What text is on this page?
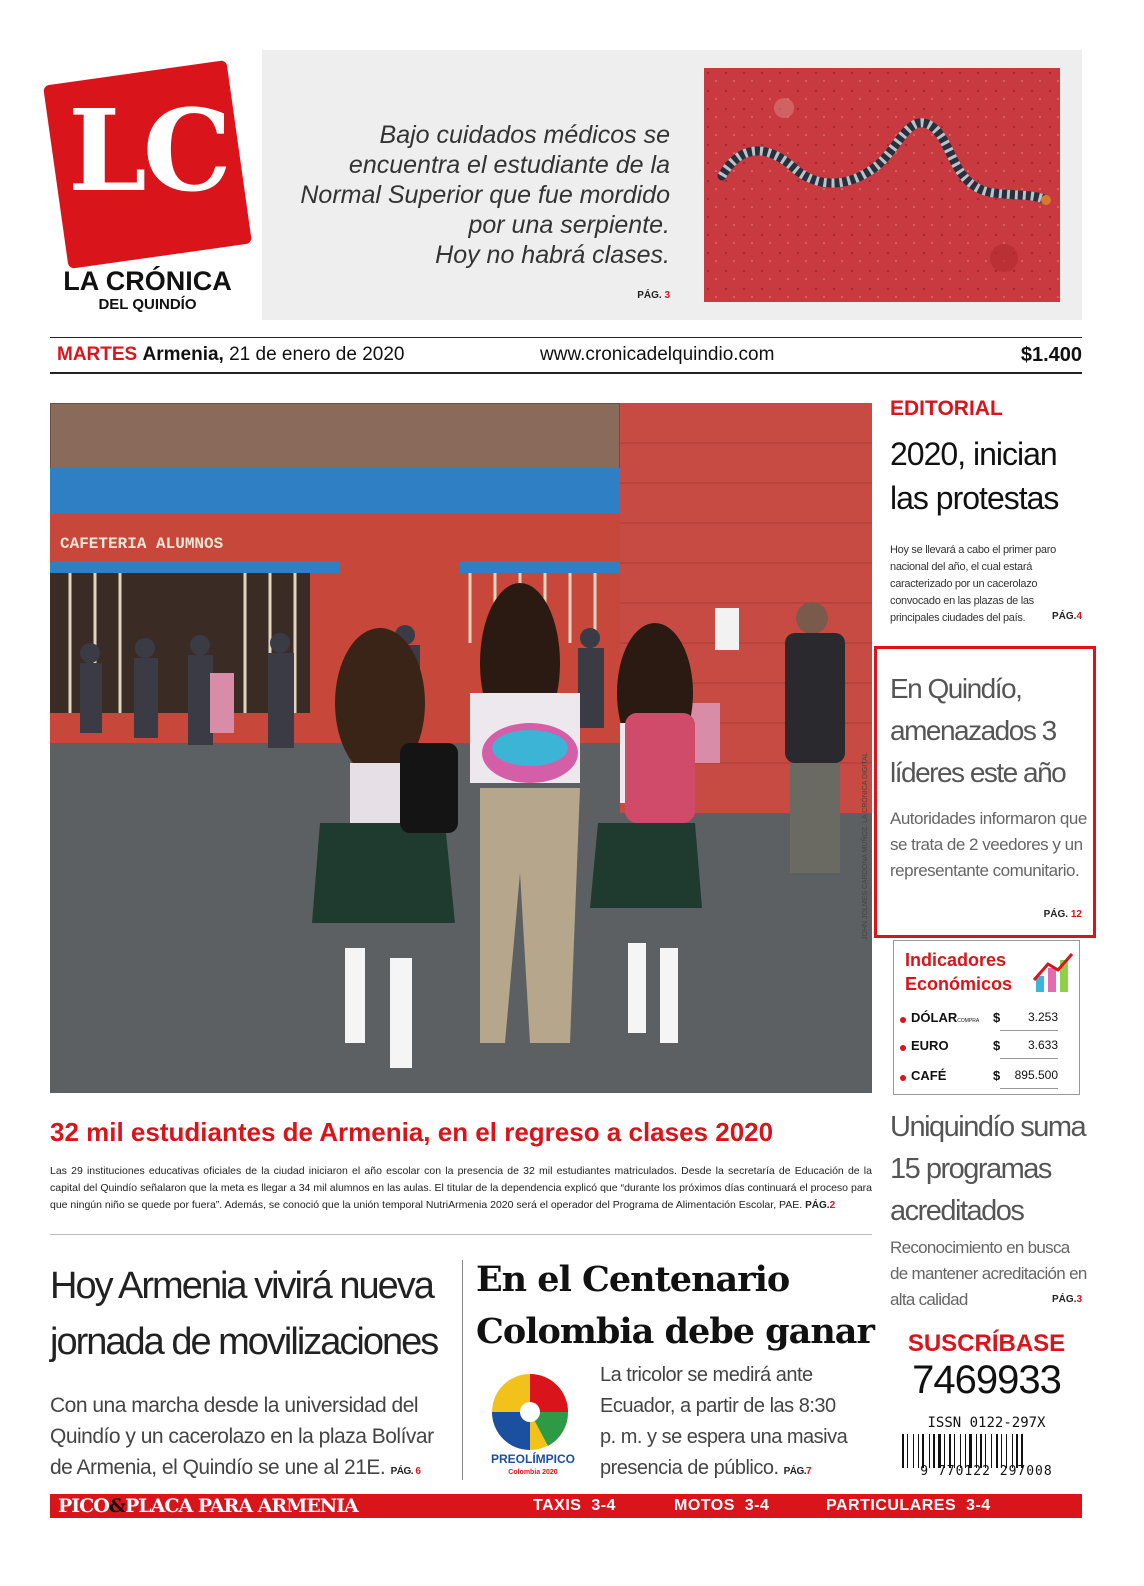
LC
LA CRÓNICA
DEL QUINDÍO
Bajo cuidados médicos se
encuentra el estudiante de la
Normal Superior que fue mordido
por una serpiente.
Hoy no habrá clases.
PÁG. 3
MARTES Armenia, 21 de enero de 2020	www.cronicadelquindio.com	$1.400
CAFETERIA ALUMNOS
JOHN JOLMES CARDONA MUÑOZ. LA CRÓNICA DIGITAL
32 mil estudiantes de Armenia, en el regreso a clases 2020
Las 29 instituciones educativas oficiales de la ciudad iniciaron el año escolar con la presencia de 32 mil estudiantes matriculados. Desde la secretaría de Educación de la capital del Quindío señalaron que la meta es llegar a 34 mil alumnos en las aulas. El titular de la dependencia explicó que “durante los próximos días continuará el proceso para que ningún niño se quede por fuera”. Además, se conoció que la unión temporal NutriArmenia 2020 será el operador del Programa de Alimentación Escolar, PAE. PÁG.2
Hoy Armenia vivirá nueva jornada de movilizaciones
Con una marcha desde la universidad del Quindío y un cacerolazo en la plaza Bolívar de Armenia, el Quindío se une al 21E. PÁG. 6
En el Centenario Colombia debe ganar
PREOLÍMPICO
Colombia 2020
La tricolor se medirá ante Ecuador, a partir de las 8:30 p. m. y se espera una masiva presencia de público. PÁG.7
EDITORIAL
2020, inician las protestas
Hoy se llevará a cabo el primer paro nacional del año, el cual estará caracterizado por un cacerolazo convocado en las plazas de las principales ciudades del país.	PÁG.4
En Quindío, amenazados 3 líderes este año
Autoridades informaron que se trata de 2 veedores y un representante comunitario.
PÁG. 12
Indicadores Económicos
DÓLARCOMPRA $	3.253
EURO	$	3.633
CAFÉ	$	895.500
Uniquindío suma 15 programas acreditados
Reconocimiento en busca de mantener acreditación en alta calidad	PÁG.3
SUSCRÍBASE
7469933
ISSN 0122-297X
9 770122 297008
PICO&PLACA PARA ARMENIA	TAXIS 3-4	MOTOS 3-4	PARTICULARES 3-4
